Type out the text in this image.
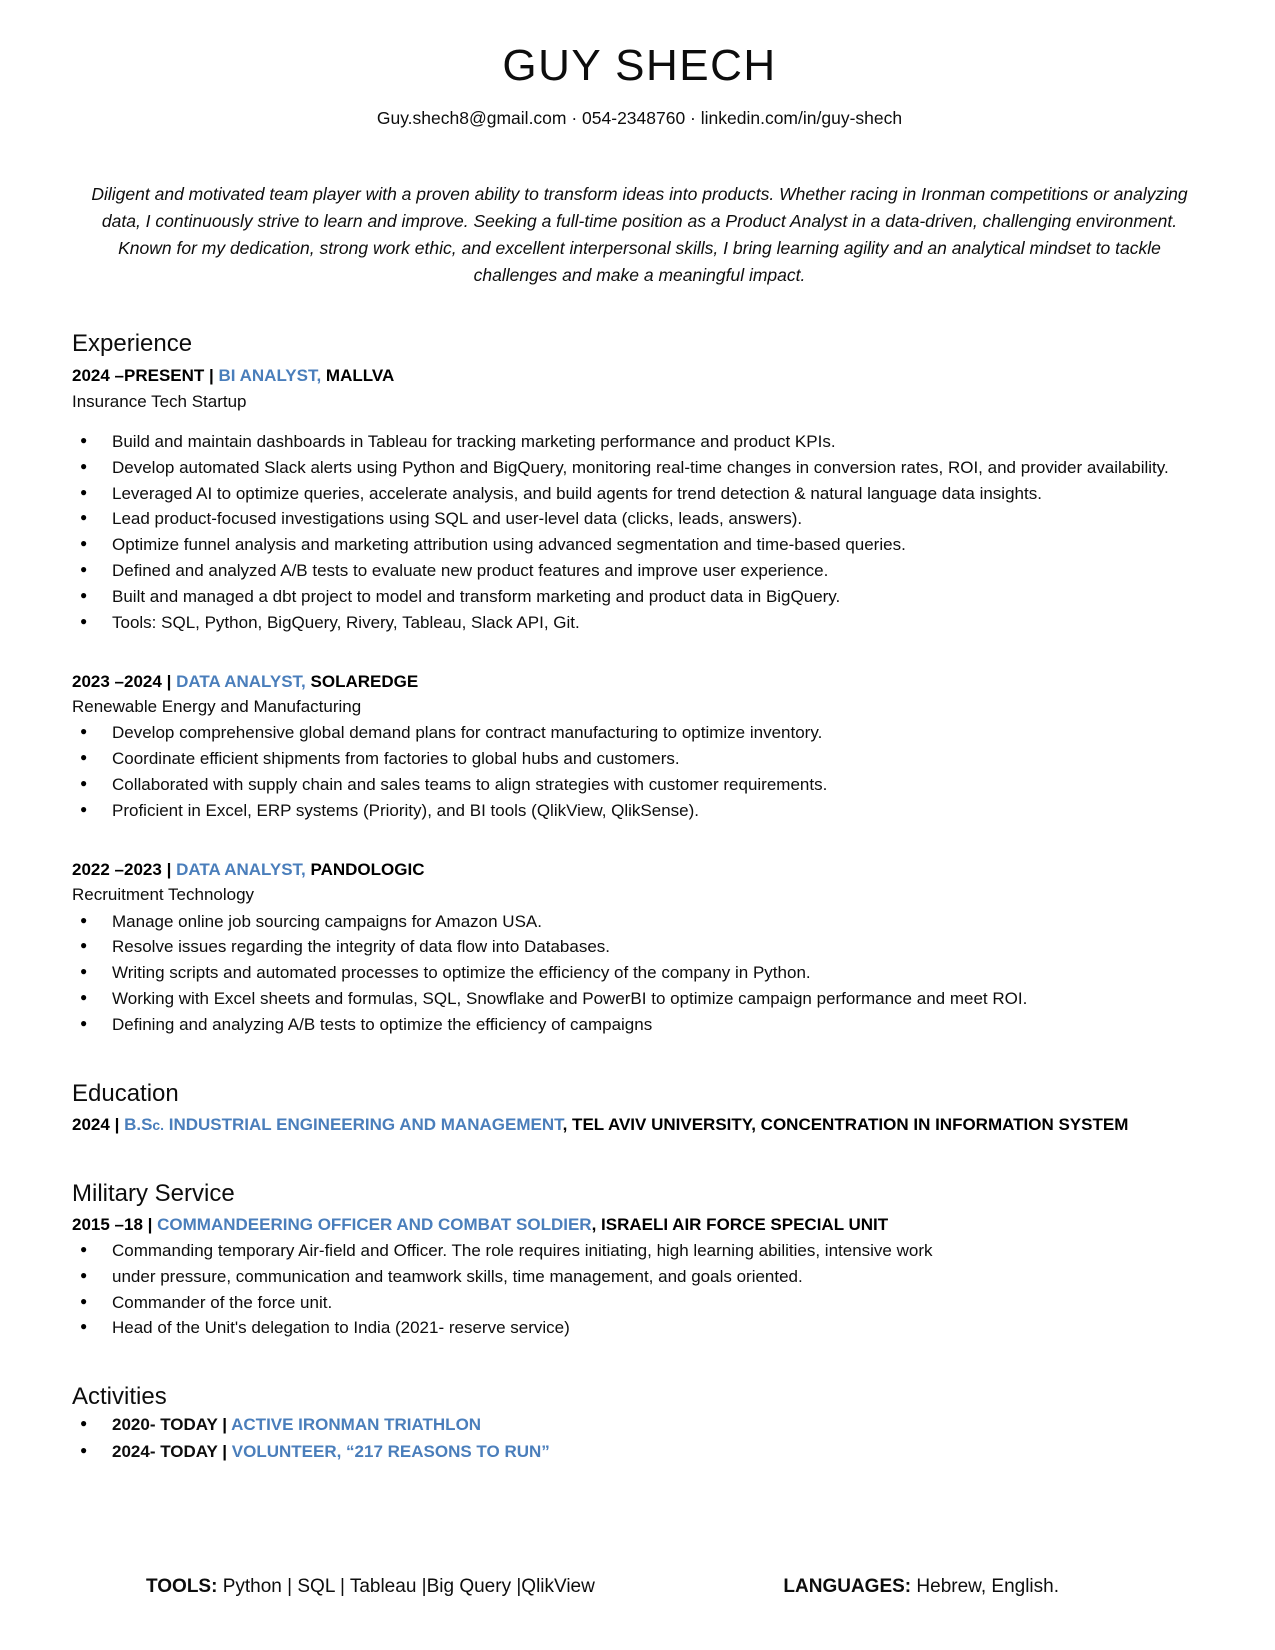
GUY SHECH
Guy.shech8@gmail.com · 054-2348760 · linkedin.com/in/guy-shech
Diligent and motivated team player with a proven ability to transform ideas into products. Whether racing in Ironman competitions or analyzing data, I continuously strive to learn and improve. Seeking a full-time position as a Product Analyst in a data-driven, challenging environment. Known for my dedication, strong work ethic, and excellent interpersonal skills, I bring learning agility and an analytical mindset to tackle challenges and make a meaningful impact.
Experience
2024 –PRESENT | BI ANALYST, MALLVA
Insurance Tech Startup
● Build and maintain dashboards in Tableau for tracking marketing performance and product KPIs.
● Develop automated Slack alerts using Python and BigQuery, monitoring real-time changes in conversion rates, ROI, and provider availability.
● Leveraged AI to optimize queries, accelerate analysis, and build agents for trend detection & natural language data insights.
● Lead product-focused investigations using SQL and user-level data (clicks, leads, answers).
● Optimize funnel analysis and marketing attribution using advanced segmentation and time-based queries.
● Defined and analyzed A/B tests to evaluate new product features and improve user experience.
● Built and managed a dbt project to model and transform marketing and product data in BigQuery.
● Tools: SQL, Python, BigQuery, Rivery, Tableau, Slack API, Git.
2023 –2024 | DATA ANALYST, SOLAREDGE
Renewable Energy and Manufacturing
● Develop comprehensive global demand plans for contract manufacturing to optimize inventory.
● Coordinate efficient shipments from factories to global hubs and customers.
● Collaborated with supply chain and sales teams to align strategies with customer requirements.
● Proficient in Excel, ERP systems (Priority), and BI tools (QlikView, QlikSense).
2022 –2023 | DATA ANALYST, PANDOLOGIC
Recruitment Technology
● Manage online job sourcing campaigns for Amazon USA.
● Resolve issues regarding the integrity of data flow into Databases.
● Writing scripts and automated processes to optimize the efficiency of the company in Python.
● Working with Excel sheets and formulas, SQL, Snowflake and PowerBI to optimize campaign performance and meet ROI.
● Defining and analyzing A/B tests to optimize the efficiency of campaigns
Education
2024 | B.Sc. INDUSTRIAL ENGINEERING AND MANAGEMENT, TEL AVIV UNIVERSITY, CONCENTRATION IN INFORMATION SYSTEM
Military Service
2015 –18 | COMMANDEERING OFFICER AND COMBAT SOLDIER, ISRAELI AIR FORCE SPECIAL UNIT
● Commanding temporary Air-field and Officer. The role requires initiating, high learning abilities, intensive work
● under pressure, communication and teamwork skills, time management, and goals oriented.
● Commander of the force unit.
● Head of the Unit's delegation to India (2021- reserve service)
Activities
● 2020- TODAY | ACTIVE IRONMAN TRIATHLON
● 2024- TODAY | VOLUNTEER, “217 REASONS TO RUN”
TOOLS: Python | SQL | Tableau |Big Query |QlikView	LANGUAGES: Hebrew, English.
